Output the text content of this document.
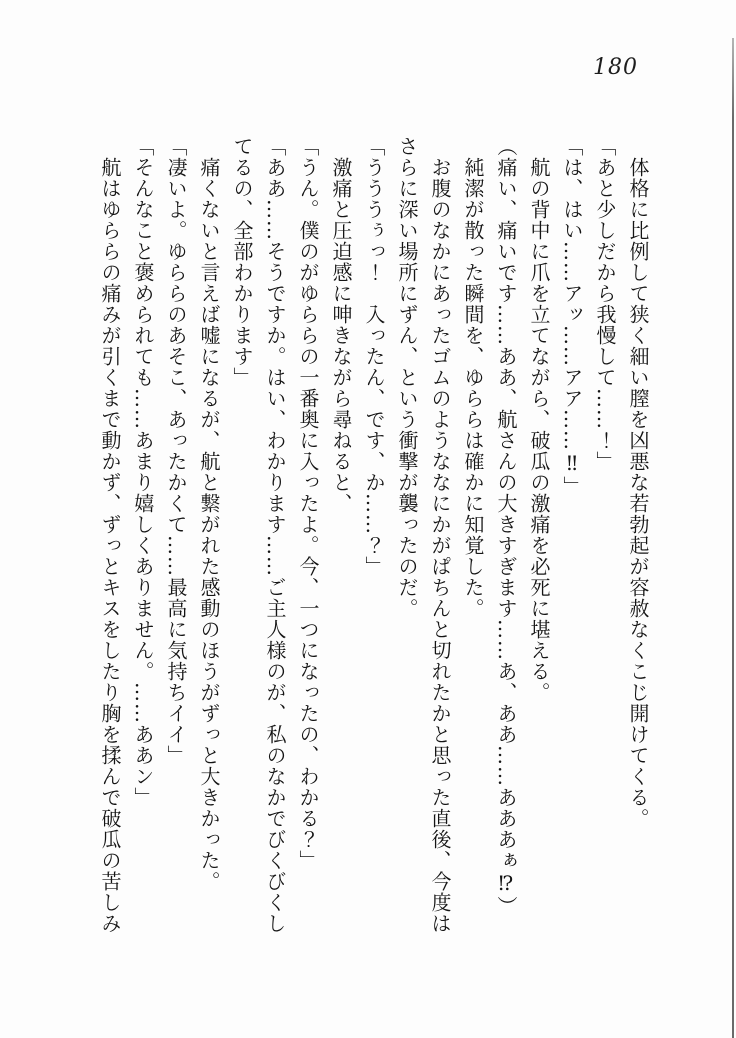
180

体格に比例して狭く細い膣を凶悪な若勃起が容赦なくこじ開けてくる。

「あと少しだから我慢して……！」

「は、はい……アッ……アア……‼」

航の背中に爪を立てながら、破瓜の激痛を必死に堪える。

（痛い、痛いです……ああ、航さんの大きすぎます……あ、ああ……あああぁ⁉）

純潔が散った瞬間を、ゆららは確かに知覚した。

お腹のなかにあったゴムのようななにかがぱちんと切れたかと思った直後、今度は

さらに深い場所にずん、という衝撃が襲ったのだ。

「うううぅっ！　入ったん、です、か……？」

激痛と圧迫感に呻きながら尋ねると、

「うん。僕のがゆららの一番奥に入ったよ。今、一つになったの、わかる？」

「ああ……そうですか。はい、わかります……ご主人様のが、私のなかでびくびくし

てるの、全部わかります」

痛くないと言えば嘘になるが、航と繋がれた感動のほうがずっと大きかった。

「凄いよ。ゆららのあそこ、あったかくて……最高に気持ちイイ」

「そんなこと褒められても……あまり嬉しくありません。……ああン」

航はゆららの痛みが引くまで動かず、ずっとキスをしたり胸を揉んで破瓜の苦しみ
